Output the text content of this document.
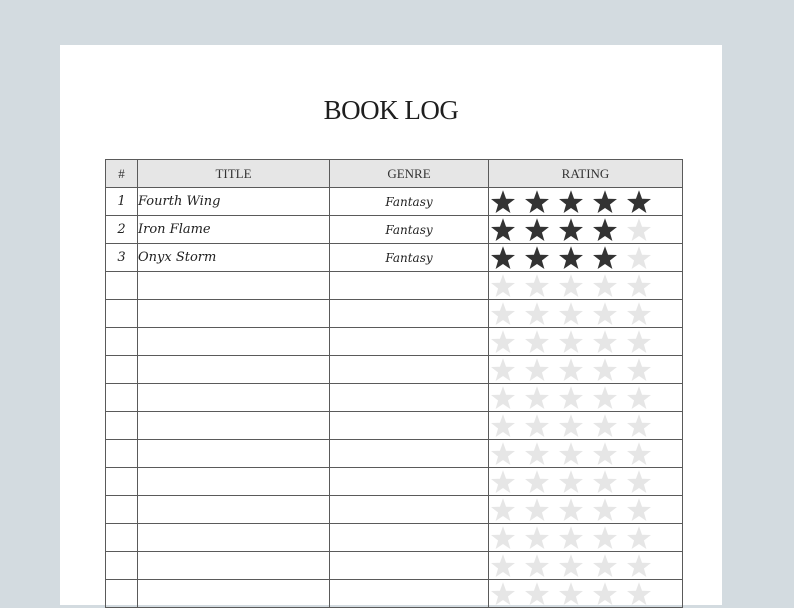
BOOK LOG
#	TITLE	GENRE	RATING
1	Fourth Wing	Fantasy	

2	Iron Flame	Fantasy	

3	Onyx Storm	Fantasy	
